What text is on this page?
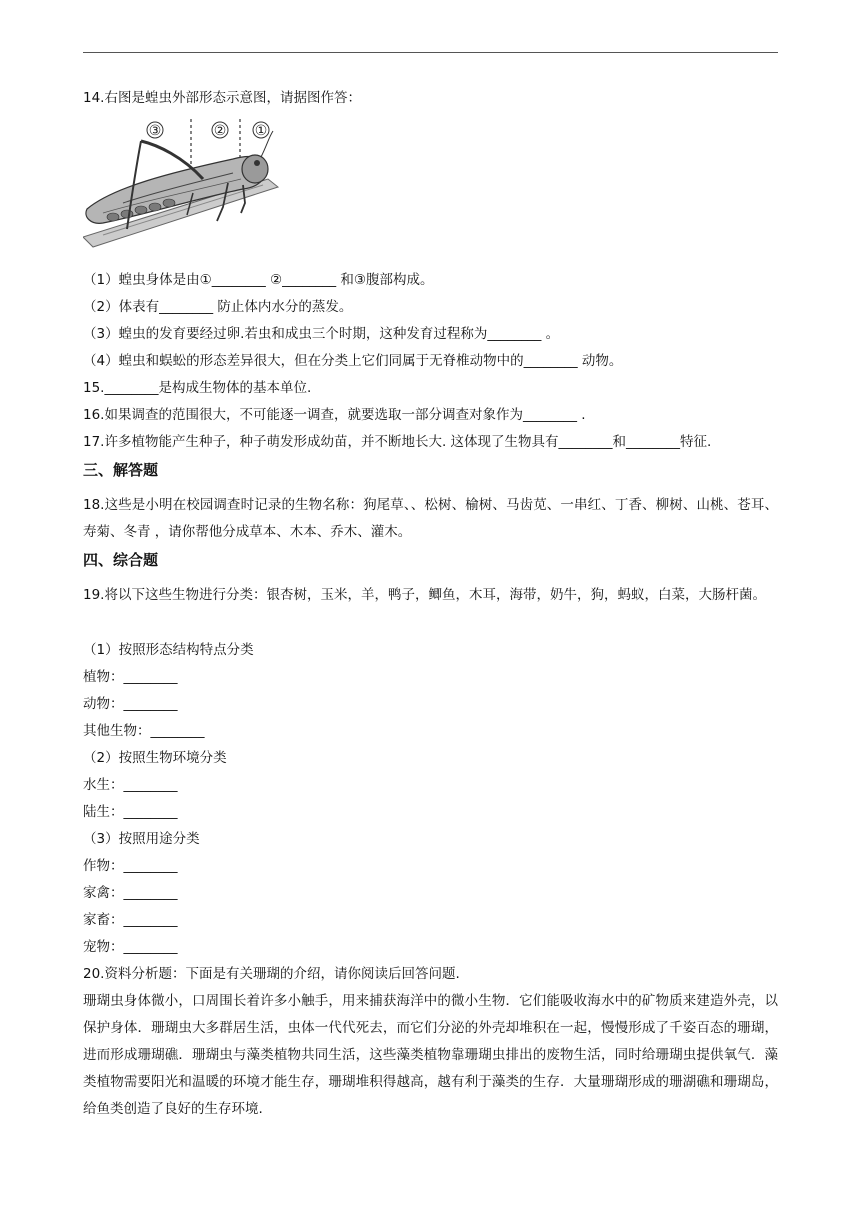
14.右图是蝗虫外部形态示意图，请据图作答：
③	② ①
（1）蝗虫身体是由①________ ②________ 和③腹部构成。
（2）体表有________ 防止体内水分的蒸发。
（3）蝗虫的发育要经过卵.若虫和成虫三个时期，这种发育过程称为________ 。
（4）蝗虫和蜈蚣的形态差异很大，但在分类上它们同属于无脊椎动物中的________ 动物。
15.________是构成生物体的基本单位.
16.如果调查的范围很大，不可能逐一调查，就要选取一部分调查对象作为________ .
17.许多植物能产生种子，种子萌发形成幼苗，并不断地长大. 这体现了生物具有________和________特征.
三、解答题
18.这些是小明在校园调查时记录的生物名称：狗尾草、、松树、榆树、马齿苋、一串红、丁香、柳树、山桃、苍耳、寿菊、冬青 ，请你帮他分成草本、木本、乔木、灌木。
四、综合题
19.将以下这些生物进行分类：银杏树，玉米，羊，鸭子，鲫鱼，木耳，海带，奶牛，狗，蚂蚁，白菜，大肠杆菌。
（1）按照形态结构特点分类
植物：________
动物：________
其他生物：________
（2）按照生物环境分类
水生：________
陆生：________
（3）按照用途分类
作物：________
家禽：________
家畜：________
宠物：________
20.资料分析题：下面是有关珊瑚的介绍，请你阅读后回答问题.
珊瑚虫身体微小，口周围长着许多小触手，用来捕获海洋中的微小生物．它们能吸收海水中的矿物质来建造外壳，以保护身体．珊瑚虫大多群居生活，虫体一代代死去，而它们分泌的外壳却堆积在一起，慢慢形成了千姿百态的珊瑚，进而形成珊瑚礁．珊瑚虫与藻类植物共同生活，这些藻类植物靠珊瑚虫排出的废物生活，同时给珊瑚虫提供氧气．藻类植物需要阳光和温暖的环境才能生存，珊瑚堆积得越高，越有利于藻类的生存．大量珊瑚形成的珊湖礁和珊瑚岛，给鱼类创造了良好的生存环境.
